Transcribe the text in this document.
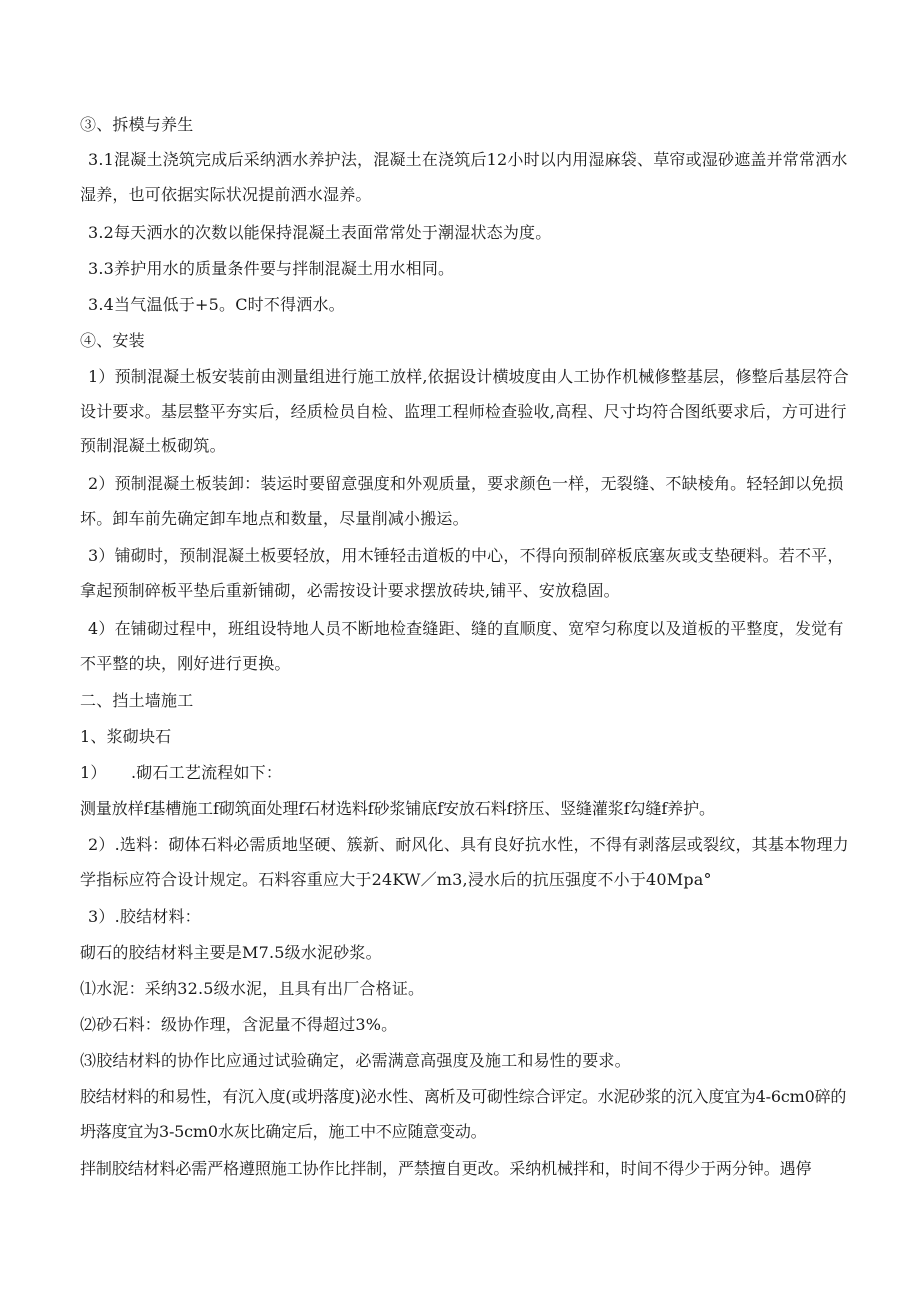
③、拆模与养生

3.1混凝土浇筑完成后采纳洒水养护法，混凝土在浇筑后12小时以内用湿麻袋、草帘或湿砂遮盖并常常洒水湿养，也可依据实际状况提前洒水湿养。

3.2每天洒水的次数以能保持混凝土表面常常处于潮湿状态为度。

3.3养护用水的质量条件要与拌制混凝土用水相同。

3.4当气温低于+5。C时不得洒水。

④、安装

1）预制混凝土板安装前由测量组进行施工放样,依据设计横坡度由人工协作机械修整基层，修整后基层符合设计要求。基层整平夯实后，经质检员自检、监理工程师检查验收,高程、尺寸均符合图纸要求后，方可进行预制混凝土板砌筑。

2）预制混凝土板装卸：装运时要留意强度和外观质量，要求颜色一样，无裂缝、不缺棱角。轻轻卸以免损坏。卸车前先确定卸车地点和数量，尽量削减小搬运。

3）铺砌时，预制混凝土板要轻放，用木锤轻击道板的中心，不得向预制碎板底塞灰或支垫硬料。若不平，拿起预制碎板平垫后重新铺砌，必需按设计要求摆放砖块,铺平、安放稳固。

4）在铺砌过程中，班组设特地人员不断地检查缝距、缝的直顺度、宽窄匀称度以及道板的平整度，发觉有不平整的块，刚好进行更换。

二、挡土墙施工

1、浆砌块石

1）　　.砌石工艺流程如下：

测量放样f基槽施工f砌筑面处理f石材选料f砂浆铺底f安放石料f挤压、竖缝灌浆f勾缝f养护。

2）.选料：砌体石料必需质地坚硬、簇新、耐风化、具有良好抗水性，不得有剥落层或裂纹，其基本物理力学指标应符合设计规定。石料容重应大于24KW／m3,浸水后的抗压强度不小于40Mpa°

3）.胶结材料：

砌石的胶结材料主要是M7.5级水泥砂浆。

⑴水泥：采纳32.5级水泥，且具有出厂合格证。

⑵砂石料：级协作理，含泥量不得超过3%。

⑶胶结材料的协作比应通过试验确定，必需满意高强度及施工和易性的要求。

胶结材料的和易性，有沉入度(或坍落度)泌水性、离析及可砌性综合评定。水泥砂浆的沉入度宜为4-6cm0碎的坍落度宜为3-5cm0水灰比确定后，施工中不应随意变动。

拌制胶结材料必需严格遵照施工协作比拌制，严禁擅自更改。采纳机械拌和，时间不得少于两分钟。遇停
